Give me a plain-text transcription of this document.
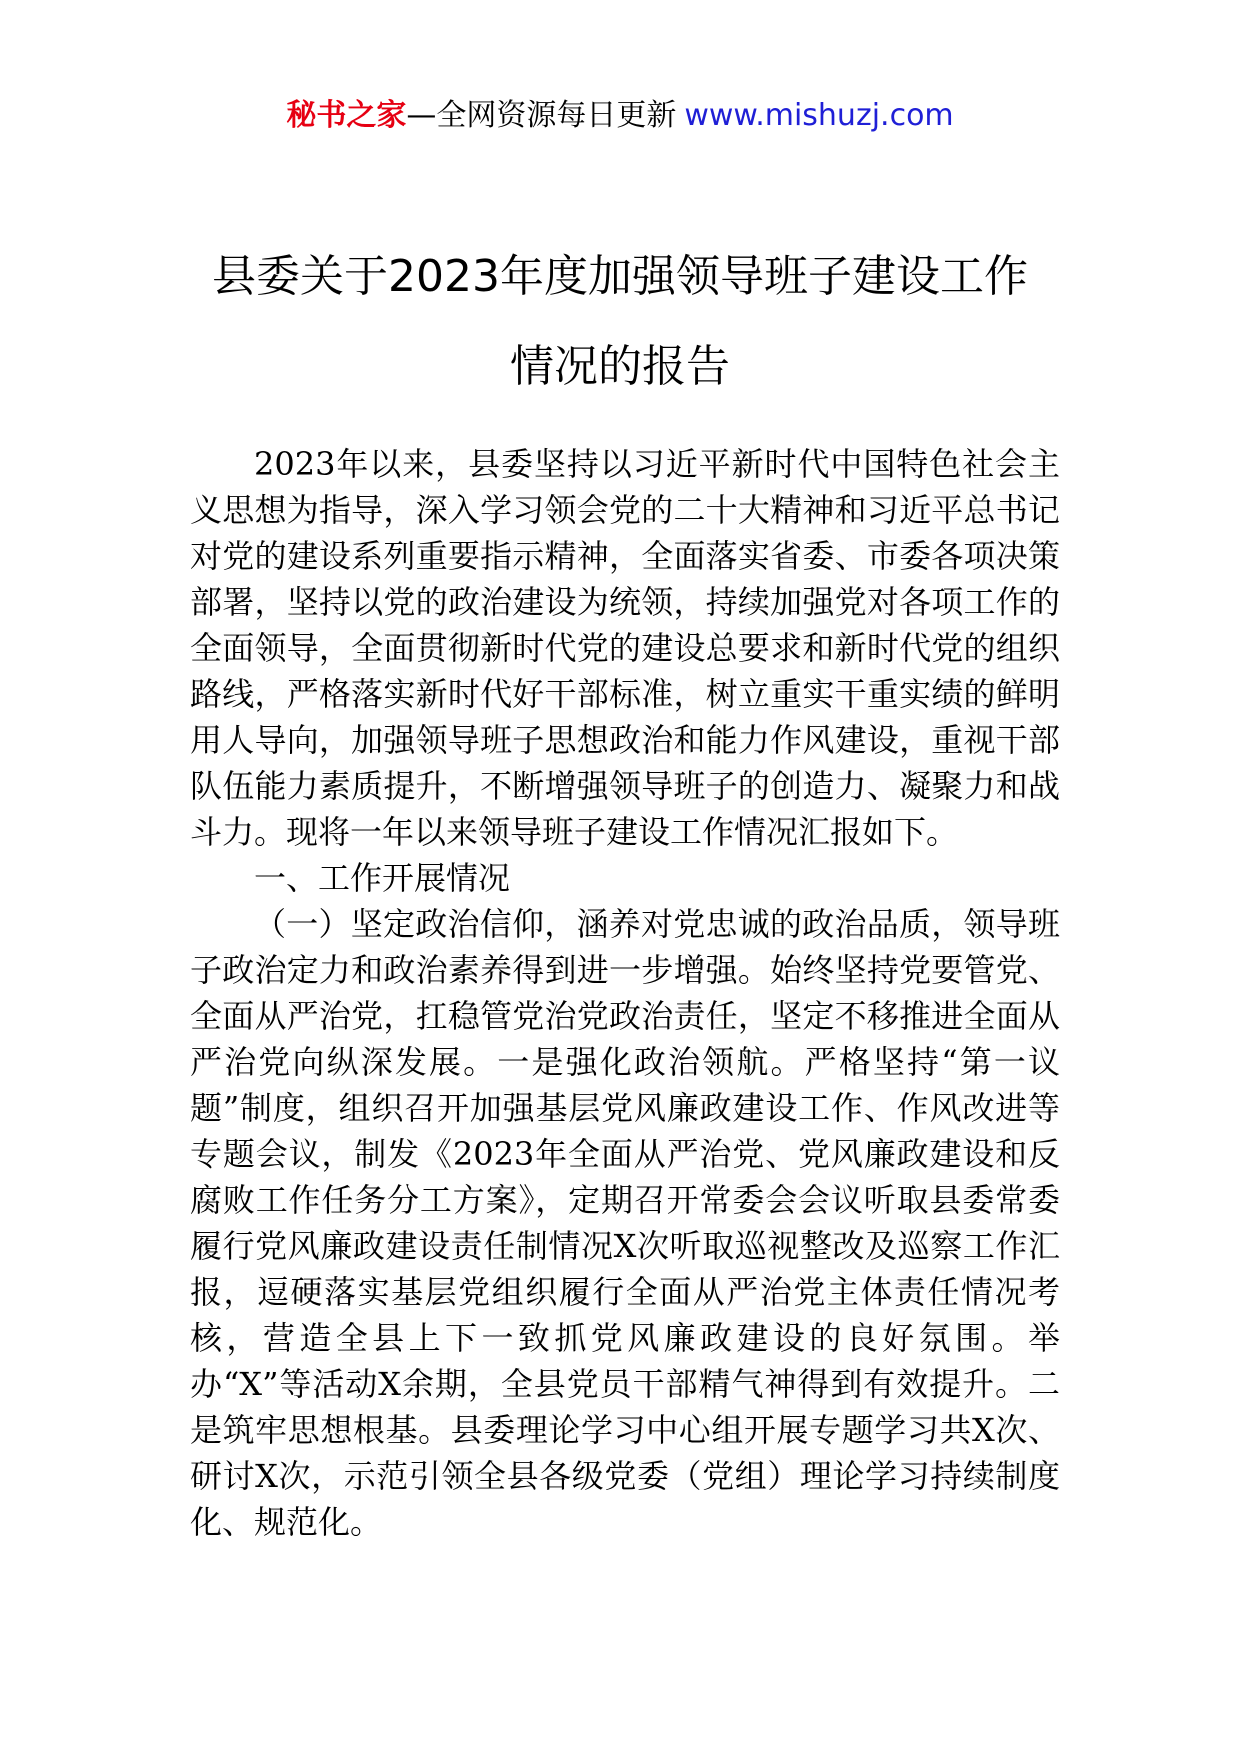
秘书之家—全网资源每日更新 www.mishuzj.com
县委关于2023年度加强领导班子建设工作
情况的报告

2023年以来，县委坚持以习近平新时代中国特色社会主义思想为指导，深入学习领会党的二十大精神和习近平总书记对党的建设系列重要指示精神，全面落实省委、市委各项决策部署，坚持以党的政治建设为统领，持续加强党对各项工作的全面领导，全面贯彻新时代党的建设总要求和新时代党的组织路线，严格落实新时代好干部标准，树立重实干重实绩的鲜明用人导向，加强领导班子思想政治和能力作风建设，重视干部队伍能力素质提升，不断增强领导班子的创造力、凝聚力和战斗力。现将一年以来领导班子建设工作情况汇报如下。

一、工作开展情况

（一）坚定政治信仰，涵养对党忠诚的政治品质，领导班子政治定力和政治素养得到进一步增强。始终坚持党要管党、全面从严治党，扛稳管党治党政治责任，坚定不移推进全面从严治党向纵深发展。一是强化政治领航。严格坚持“第一议题”制度，组织召开加强基层党风廉政建设工作、作风改进等专题会议，制发《2023年全面从严治党、党风廉政建设和反腐败工作任务分工方案》，定期召开常委会会议听取县委常委履行党风廉政建设责任制情况X次听取巡视整改及巡察工作汇报，逗硬落实基层党组织履行全面从严治党主体责任情况考核，营造全县上下一致抓党风廉政建设的良好氛围。举办“X”等活动X余期，全县党员干部精气神得到有效提升。二是筑牢思想根基。县委理论学习中心组开展专题学习共X次、研讨X次，示范引领全县各级党委（党组）理论学习持续制度化、规范化。
